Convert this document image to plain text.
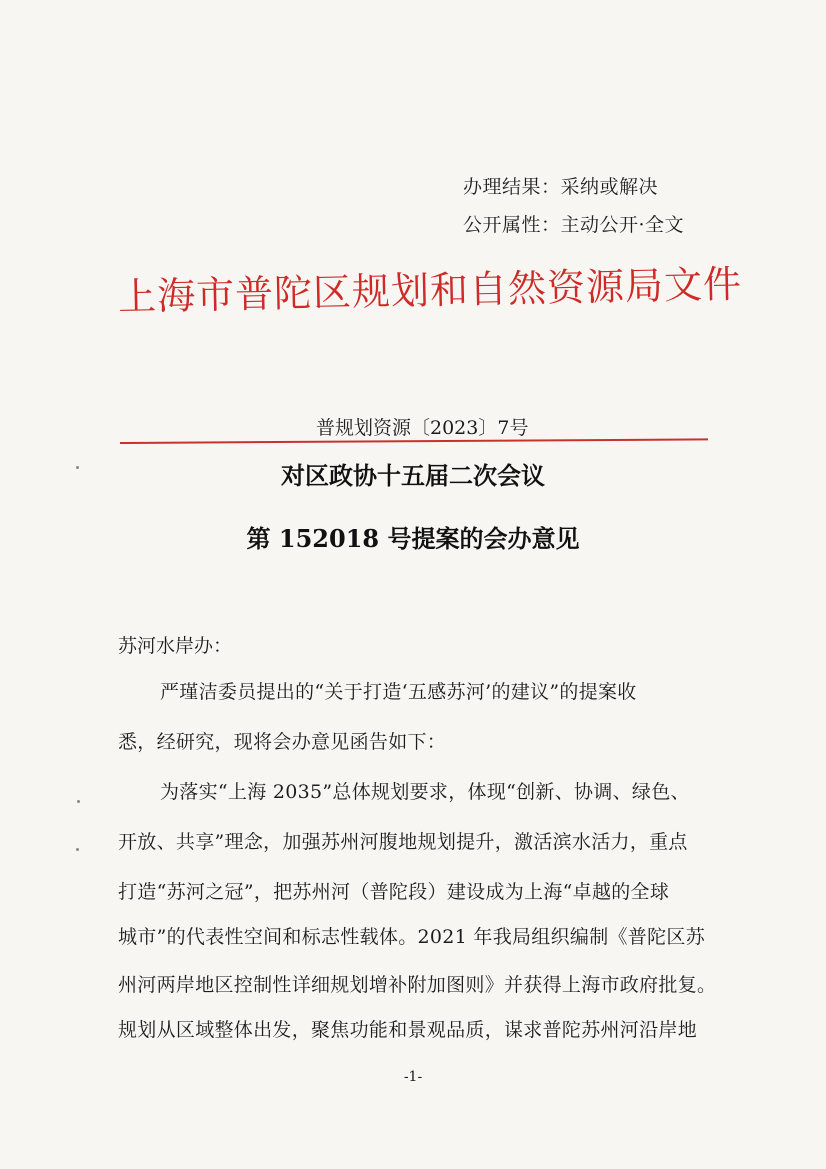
办理结果：采纳或解决
公开属性：主动公开·全文
上海市普陀区规划和自然资源局文件
普规划资源〔2023〕7号
对区政协十五届二次会议
第 152018 号提案的会办意见
苏河水岸办：
严瑾洁委员提出的“关于打造‘五感苏河’的建议”的提案收
悉，经研究，现将会办意见函告如下：
为落实“上海 2035”总体规划要求，体现“创新、协调、绿色、
开放、共享”理念，加强苏州河腹地规划提升，激活滨水活力，重点
打造“苏河之冠”，把苏州河（普陀段）建设成为上海“卓越的全球
城市”的代表性空间和标志性载体。2021 年我局组织编制《普陀区苏
州河两岸地区控制性详细规划增补附加图则》并获得上海市政府批复。
规划从区域整体出发，聚焦功能和景观品质，谋求普陀苏州河沿岸地
-1-
